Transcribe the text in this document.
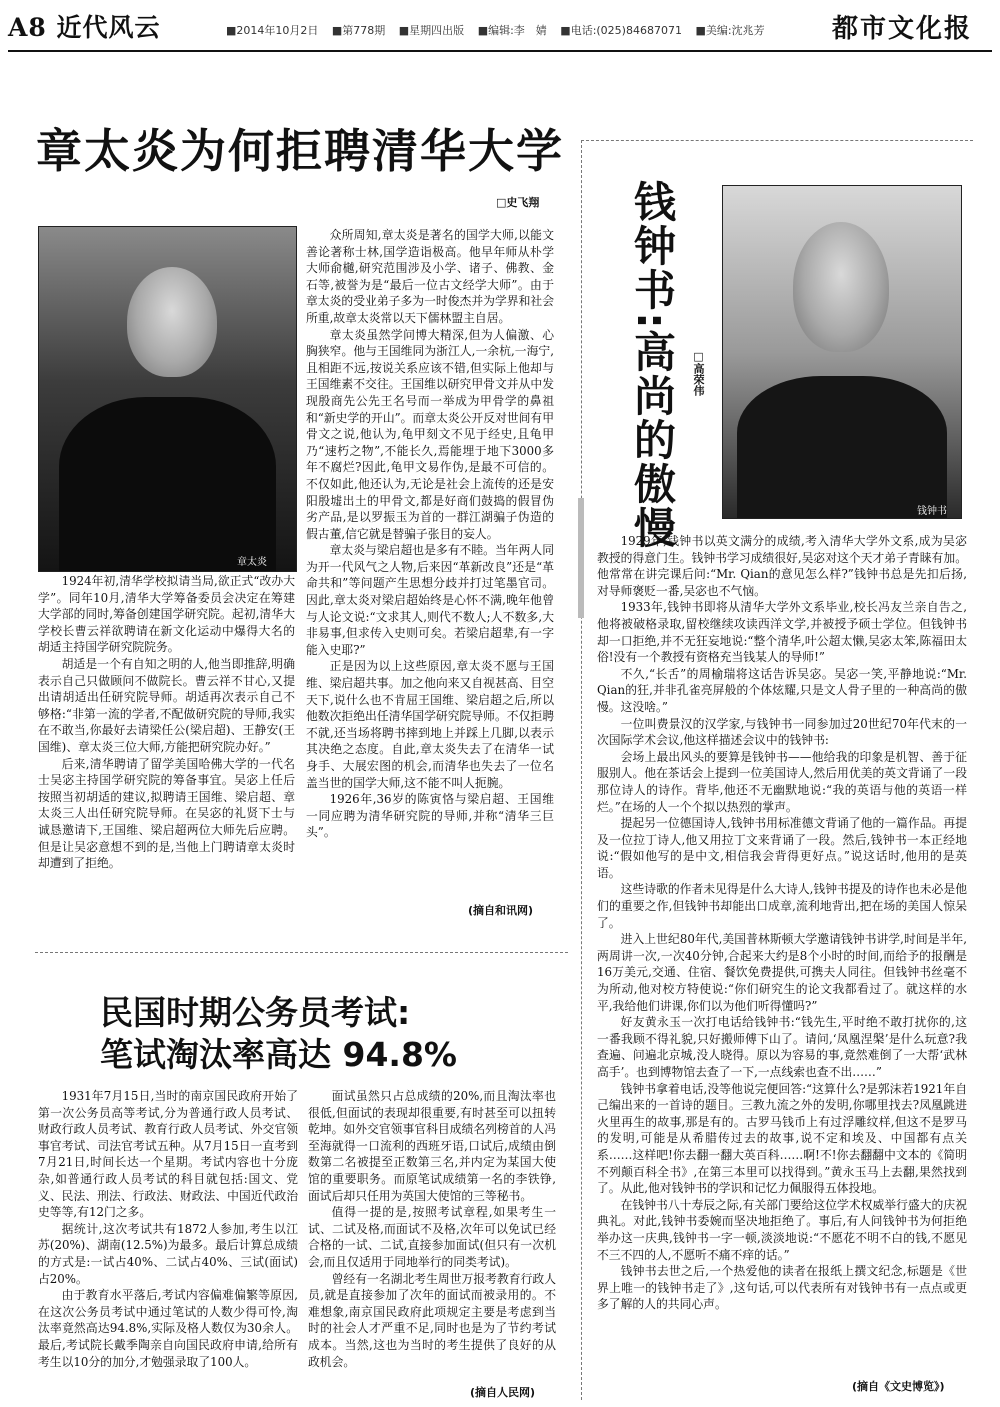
A8 近代风云	■2014年10月2日 ■第778期 ■星期四出版 ■编辑:李　婧 ■电话:(025)84687071 ■美编:沈兆芳	都市文化报
章太炎为何拒聘清华大学
□史飞翔
章太炎

1924年初,清华学校拟请当局,欲正式“改办大学”。同年10月,清华大学筹备委员会决定在筹建大学部的同时,筹备创建国学研究院。起初,清华大学校长曹云祥欲聘请在新文化运动中爆得大名的胡适主持国学研究院院务。

胡适是一个有自知之明的人,他当即推辞,明确表示自己只做顾问不做院长。曹云祥不甘心,又提出请胡适出任研究院导师。胡适再次表示自己不够格:“非第一流的学者,不配做研究院的导师,我实在不敢当,你最好去请梁任公(梁启超)、王静安(王国维)、章太炎三位大师,方能把研究院办好。”

后来,清华聘请了留学美国哈佛大学的一代名士吴宓主持国学研究院的筹备事宜。吴宓上任后按照当初胡适的建议,拟聘请王国维、梁启超、章太炎三人出任研究院导师。在吴宓的礼贤下士与诚恳邀请下,王国维、梁启超两位大师先后应聘。但是让吴宓意想不到的是,当他上门聘请章太炎时却遭到了拒绝。

众所周知,章太炎是著名的国学大师,以能文善论著称士林,国学造诣极高。他早年师从朴学大师俞樾,研究范围涉及小学、诸子、佛教、金石等,被誉为是“最后一位古文经学大师”。由于章太炎的受业弟子多为一时俊杰并为学界和社会所重,故章太炎常以天下儒林盟主自居。

章太炎虽然学问博大精深,但为人偏激、心胸狭窄。他与王国维同为浙江人,一余杭,一海宁,且相距不远,按说关系应该不错,但实际上他却与王国维素不交往。王国维以研究甲骨文并从中发现殷商先公先王名号而一举成为甲骨学的鼻祖和“新史学的开山”。而章太炎公开反对世间有甲骨文之说,他认为,龟甲刻文不见于经史,且龟甲乃“速朽之物”,不能长久,焉能埋于地下3000多年不腐烂?因此,龟甲文易作伪,是最不可信的。不仅如此,他还认为,无论是社会上流传的还是安阳殷墟出土的甲骨文,都是好商们鼓捣的假冒伪劣产品,是以罗振玉为首的一群江湖骗子伪造的假古董,信它就是替骗子张目的妄人。

章太炎与梁启超也是多有不睦。当年两人同为开一代风气之人物,后来因“革新改良”还是“革命共和”等问题产生思想分歧并打过笔墨官司。因此,章太炎对梁启超始终是心怀不满,晚年他曾与人论文说:“文求其人,则代不数人;人不数多,大非易事,但求传入史则可矣。若梁启超辈,有一字能入史耶?”

正是因为以上这些原因,章太炎不愿与王国维、梁启超共事。加之他向来又自视甚高、目空天下,说什么也不肯屈王国维、梁启超之后,所以他数次拒绝出任清华国学研究院导师。不仅拒聘不就,还当场将聘书摔到地上并踩上几脚,以表示其决绝之态度。自此,章太炎失去了在清华一试身手、大展宏图的机会,而清华也失去了一位名盖当世的国学大师,这不能不叫人扼腕。

1926年,36岁的陈寅恪与梁启超、王国维一同应聘为清华研究院的导师,并称“清华三巨头”。

(摘自和讯网)
民国时期公务员考试:
笔试淘汰率高达 94.8%

1931年7月15日,当时的南京国民政府开始了第一次公务员高等考试,分为普通行政人员考试、财政行政人员考试、教育行政人员考试、外交官领事官考试、司法官考试五种。从7月15日一直考到7月21日,时间长达一个星期。考试内容也十分庞杂,如普通行政人员考试的科目就包括:国文、党义、民法、刑法、行政法、财政法、中国近代政治史等等,有12门之多。

据统计,这次考试共有1872人参加,考生以江苏(20%)、湖南(12.5%)为最多。最后计算总成绩的方式是:一试占40%、二试占40%、三试(面试)占20%。

由于教育水平落后,考试内容偏难偏繁等原因,在这次公务员考试中通过笔试的人数少得可怜,淘汰率竟然高达94.8%,实际及格人数仅为30余人。最后,考试院长戴季陶亲自向国民政府申请,给所有考生以10分的加分,才勉强录取了100人。

面试虽然只占总成绩的20%,而且淘汰率也很低,但面试的表现却很重要,有时甚至可以扭转乾坤。如外交官领事官科目成绩名列榜首的人冯至海就得一口流利的西班牙语,口试后,成绩由倒数第二名被提至正数第三名,并内定为某国大使馆的重要职务。而原笔试成绩第一名的李铁铮,面试后却只任用为英国大使馆的三等秘书。

值得一提的是,按照考试章程,如果考生一试、二试及格,而面试不及格,次年可以免试已经合格的一试、二试,直接参加面试(但只有一次机会,而且仅适用于同地举行的同类考试)。

曾经有一名湖北考生周世万报考教育行政人员,就是直接参加了次年的面试而被录用的。不难想象,南京国民政府此项规定主要是考虑到当时的社会人才严重不足,同时也是为了节约考试成本。当然,这也为当时的考生提供了良好的从政机会。

(摘自人民网)
钱钟书:
高尚的傲慢 □高荣伟
钱钟书

1929年,钱钟书以英文满分的成绩,考入清华大学外文系,成为吴宓教授的得意门生。钱钟书学习成绩很好,吴宓对这个天才弟子青睐有加。他常常在讲完课后问:“Mr. Qian的意见怎么样?”钱钟书总是先扣后扬,对导师褒贬一番,吴宓也不气恼。

1933年,钱钟书即将从清华大学外文系毕业,校长冯友兰亲自告之,他将被破格录取,留校继续攻读西洋文学,并被授予硕士学位。但钱钟书却一口拒绝,并不无狂妄地说:“整个清华,叶公超太懒,吴宓太笨,陈福田太俗!没有一个教授有资格充当钱某人的导师!”

不久,“长舌”的周榆瑞将这话告诉吴宓。吴宓一笑,平静地说:“Mr. Qian的狂,并非孔雀亮屏般的个体炫耀,只是文人骨子里的一种高尚的傲慢。这没啥。”

一位叫费景汉的汉学家,与钱钟书一同参加过20世纪70年代末的一次国际学术会议,他这样描述会议中的钱钟书:

会场上最出风头的要算是钱钟书——他给我的印象是机智、善于征服别人。他在茶话会上提到一位美国诗人,然后用优美的英文背诵了一段那位诗人的诗作。背毕,他还不无幽默地说:“我的英语与他的英语一样烂。”在场的人一个个拟以热烈的掌声。

提起另一位德国诗人,钱钟书用标准德文背诵了他的一篇作品。再提及一位拉丁诗人,他又用拉丁文来背诵了一段。然后,钱钟书一本正经地说:“假如他写的是中文,相信我会背得更好点。”说这话时,他用的是英语。

这些诗歌的作者未见得是什么大诗人,钱钟书提及的诗作也未必是他们的重要之作,但钱钟书却能出口成章,流利地背出,把在场的美国人惊呆了。

进入上世纪80年代,美国普林斯顿大学邀请钱钟书讲学,时间是半年,两周讲一次,一次40分钟,合起来大约是8个小时的时间,而给予的报酬是16万美元,交通、住宿、餐饮免费提供,可携夫人同往。但钱钟书丝毫不为所动,他对校方特使说:“你们研究生的论文我都看过了。就这样的水平,我给他们讲课,你们以为他们听得懂吗?”

好友黄永玉一次打电话给钱钟书:“钱先生,平时绝不敢打扰你的,这一番我顾不得礼貌,只好搬师傅下山了。请问,‘凤凰涅槃’是什么玩意?我查遍、问遍北京城,没人晓得。原以为容易的事,竟然难倒了一大帮‘武林高手’。也到博物馆去查了一下,一点线索也查不出……”

钱钟书拿着电话,没等他说完便回答:“这算什么?是郭沫若1921年自己编出来的一首诗的题目。三教九流之外的发明,你哪里找去?凤凰跳进火里再生的故事,那是有的。古罗马钱币上有过浮雕纹样,但这不是罗马的发明,可能是从希腊传过去的故事,说不定和埃及、中国都有点关系……这样吧!你去翻一翻大英百科……啊!不!你去翻翻中文本的《简明不列颠百科全书》,在第三本里可以找得到。”黄永玉马上去翻,果然找到了。从此,他对钱钟书的学识和记忆力佩服得五体投地。

在钱钟书八十寿辰之际,有关部门要给这位学术权威举行盛大的庆祝典礼。对此,钱钟书委婉而坚决地拒绝了。事后,有人问钱钟书为何拒绝举办这一庆典,钱钟书一字一顿,淡淡地说:“不愿花不明不白的钱,不愿见不三不四的人,不愿听不痛不痒的话。”

钱钟书去世之后,一个热爱他的读者在报纸上撰文纪念,标题是《世界上唯一的钱钟书走了》,这句话,可以代表所有对钱钟书有一点点或更多了解的人的共同心声。

(摘自《文史博览》)
